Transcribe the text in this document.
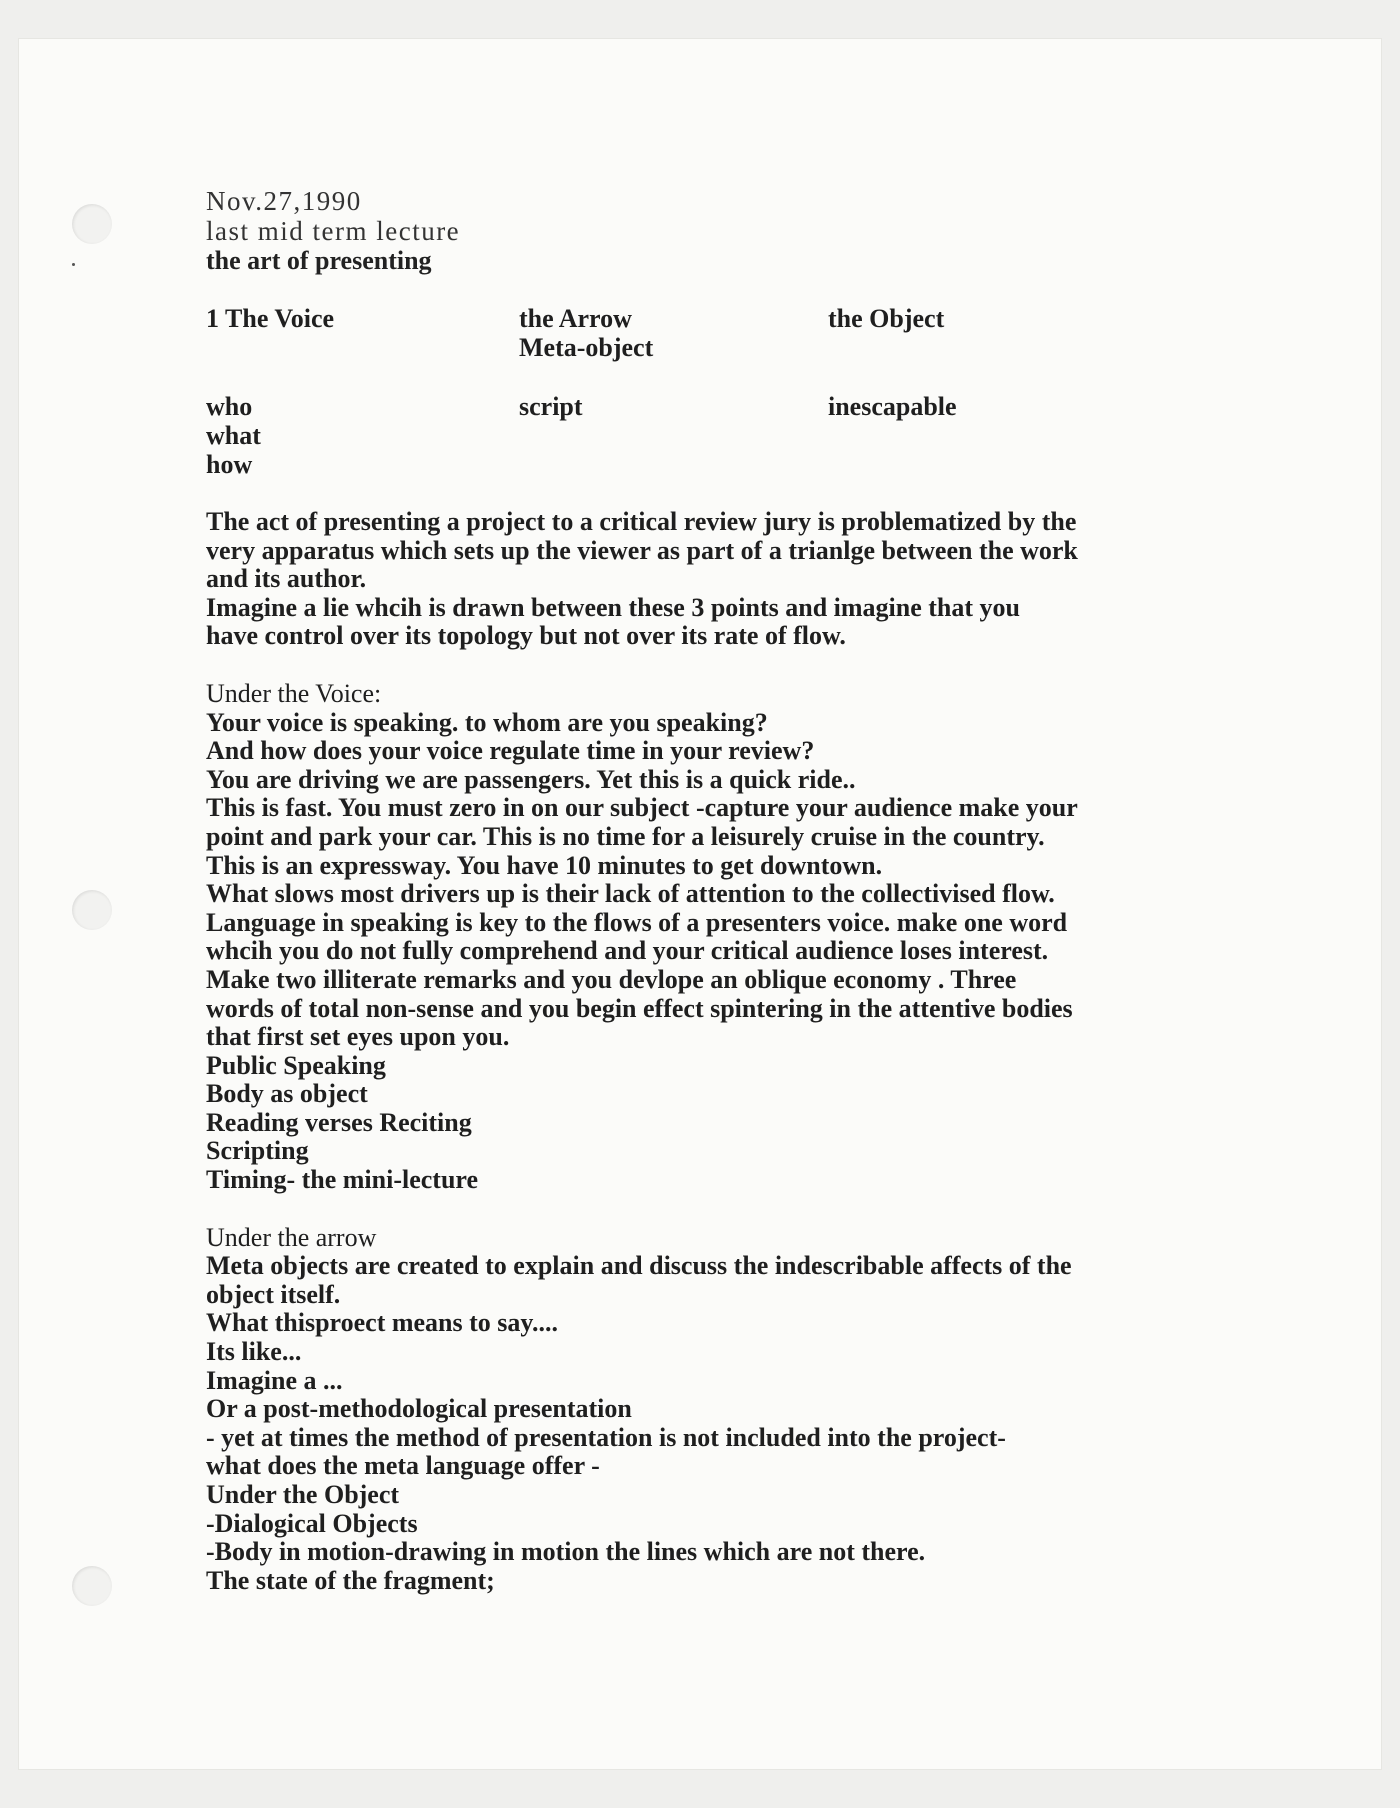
Nov.27,1990
last mid term lecture
the art of presenting
1 The Voice	the Arrow
Meta-object
the Object
who
what
how
script	inescapable
The act of presenting a project to a critical review jury is problematized by the
very apparatus which sets up the viewer as part of a trianlge between the work
and its author.
Imagine a lie whcih is drawn between these 3 points and imagine that you
have control over its topology but not over its rate of flow.
Under the Voice:
Your voice is speaking. to whom are you speaking?
And how does your voice regulate time in your review?
You are driving we are passengers. Yet this is a quick ride..
This is fast. You must zero in on our subject -capture your audience make your
point and park your car. This is no time for a leisurely cruise in the country.
This is an expressway. You have 10 minutes to get downtown.
What slows most drivers up is their lack of attention to the collectivised flow.
Language in speaking is key to the flows of a presenters voice. make one word
whcih you do not fully comprehend and your critical audience loses interest.
Make two illiterate remarks and you devlope an oblique economy . Three
words of total non-sense and you begin effect spintering in the attentive bodies
that first set eyes upon you.
Public Speaking
Body as object
Reading verses Reciting
Scripting
Timing- the mini-lecture
Under the arrow
Meta objects are created to explain and discuss the indescribable affects of the
object itself.
What thisproect means to say....
Its like...
Imagine a ...
Or a post-methodological presentation
- yet at times the method of presentation is not included into the project-
what does the meta language offer -
Under the Object
-Dialogical Objects
-Body in motion-drawing in motion the lines which are not there.
The state of the fragment;
